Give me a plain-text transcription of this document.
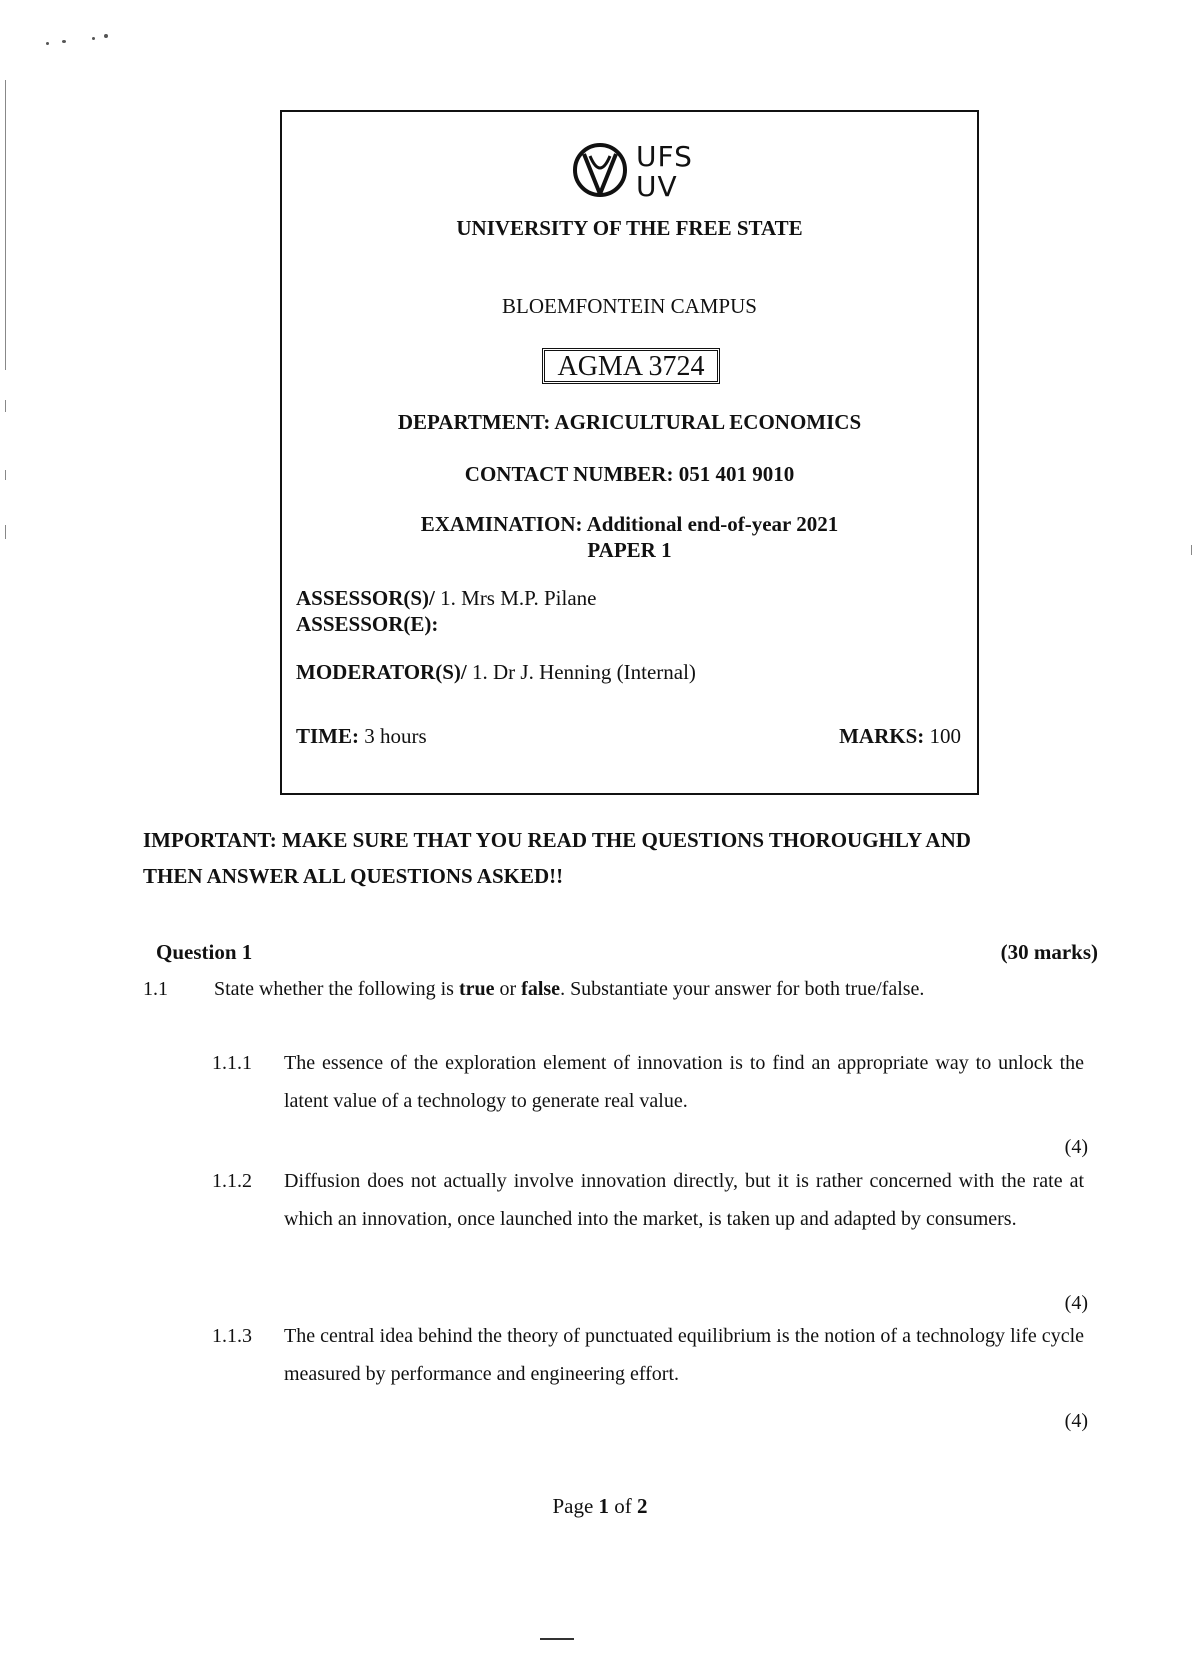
UFS
UV
UNIVERSITY OF THE FREE STATE
BLOEMFONTEIN CAMPUS
AGMA 3724
DEPARTMENT: AGRICULTURAL ECONOMICS
CONTACT NUMBER: 051 401 9010
EXAMINATION: Additional end-of-year 2021
PAPER 1
ASSESSOR(S)/ 1. Mrs M.P. Pilane
ASSESSOR(E):
MODERATOR(S)/ 1. Dr J. Henning (Internal)
TIME: 3 hours	MARKS: 100
IMPORTANT: MAKE SURE THAT YOU READ THE QUESTIONS THOROUGHLY AND
THEN ANSWER ALL QUESTIONS ASKED!!
Question 1	(30 marks)
1.1 State whether the following is true or false. Substantiate your answer for both true/false.
1.1.1 The essence of the exploration element of innovation is to find an appropriate way to unlock the latent value of a technology to generate real value.
(4)
1.1.2 Diffusion does not actually involve innovation directly, but it is rather concerned with the rate at which an innovation, once launched into the market, is taken up and adapted by consumers.
(4)
1.1.3 The central idea behind the theory of punctuated equilibrium is the notion of a technology life cycle measured by performance and engineering effort.
(4)
Page 1 of 2
